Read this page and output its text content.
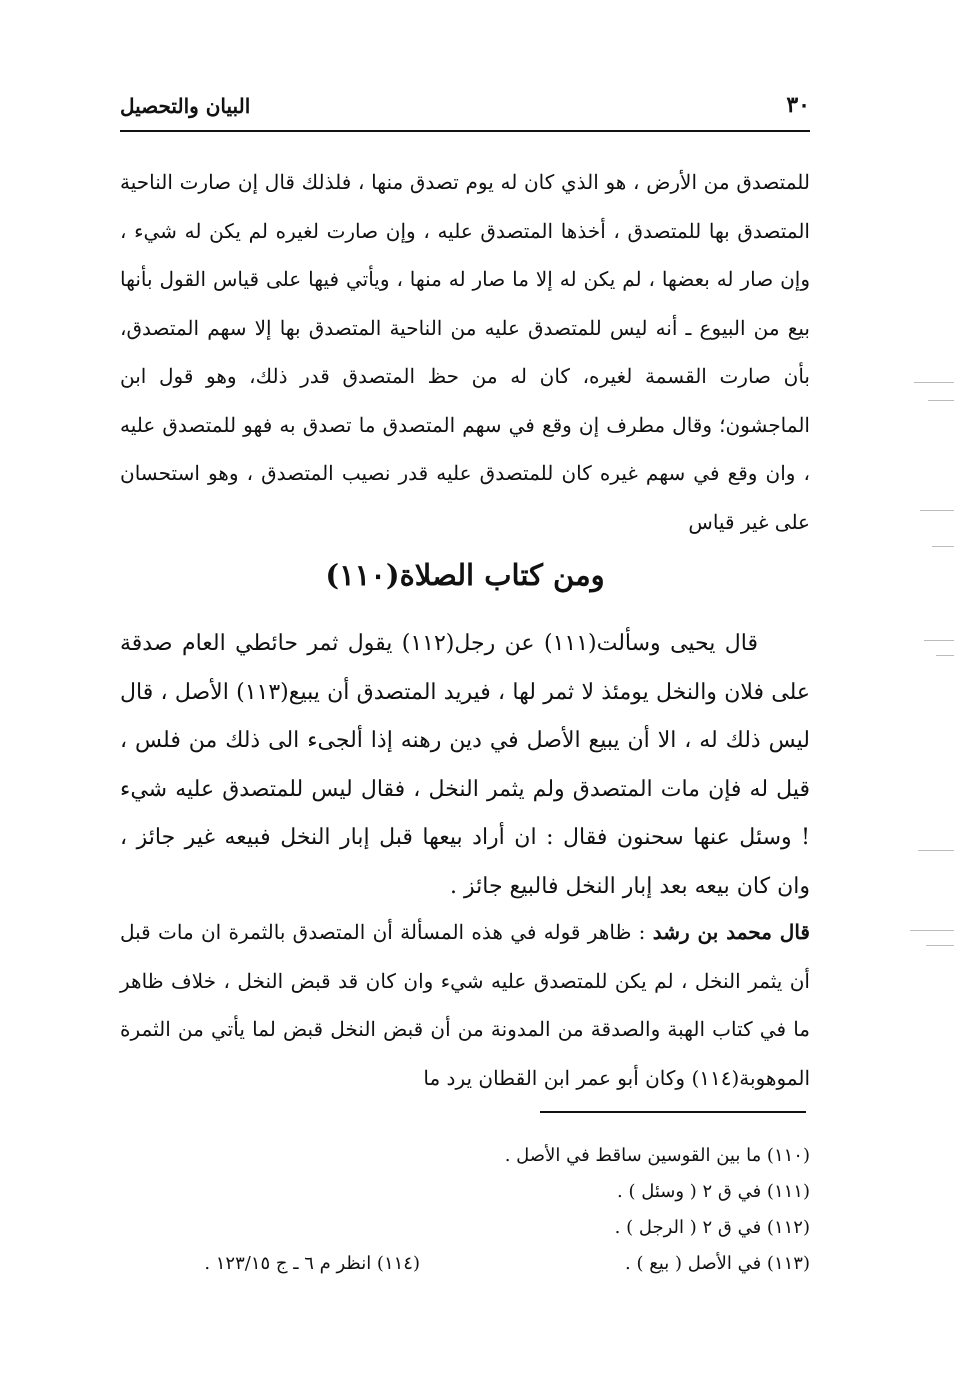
البيان والتحصيل	٣٠

للمتصدق من الأرض ، هو الذي كان له يوم تصدق منها ، فلذلك قال إن صارت الناحية المتصدق بها للمتصدق ، أخذها المتصدق عليه ، وإن صارت لغيره لم يكن له شيء ، وإن صار له بعضها ، لم يكن له إلا ما صار له منها ، ويأتي فيها على قياس القول بأنها بيع من البيوع ـ أنه ليس للمتصدق عليه من الناحية المتصدق بها إلا سهم المتصدق، بأن صارت القسمة لغيره، كان له من حظ المتصدق قدر ذلك، وهو قول ابن الماجشون؛ وقال مطرف إن وقع في سهم المتصدق ما تصدق به فهو للمتصدق عليه ، وان وقع في سهم غيره كان للمتصدق عليه قدر نصيب المتصدق ، وهو استحسان على غير قياس

ومن كتاب الصلاة(١١٠)

قال يحيى وسألت(١١١) عن رجل(١١٢) يقول ثمر حائطي العام صدقة على فلان والنخل يومئذ لا ثمر لها ، فيريد المتصدق أن يبيع(١١٣) الأصل ، قال ليس ذلك له ، الا أن يبيع الأصل في دين رهنه إذا ألجىء الى ذلك من فلس ، قيل له فإن مات المتصدق ولم يثمر النخل ، فقال ليس للمتصدق عليه شيء ! وسئل عنها سحنون فقال : ان أراد بيعها قبل إبار النخل فبيعه غير جائز ، وان كان بيعه بعد إبار النخل فالبيع جائز .

قال محمد بن رشد : ظاهر قوله في هذه المسألة أن المتصدق بالثمرة ان مات قبل أن يثمر النخل ، لم يكن للمتصدق عليه شيء وان كان قد قبض النخل ، خلاف ظاهر ما في كتاب الهبة والصدقة من المدونة من أن قبض النخل قبض لما يأتي من الثمرة الموهوبة(١١٤) وكان أبو عمر ابن القطان يرد ما

(١١٠) ما بين القوسين ساقط في الأصل .
(١١١) في ق ٢ ( وسئل ) .
(١١٢) في ق ٢ ( الرجل ) .
(١١٣) في الأصل ( بيع ) .
(١١٤) انظر م ٦ ـ ج ١٢٣/١٥ .
